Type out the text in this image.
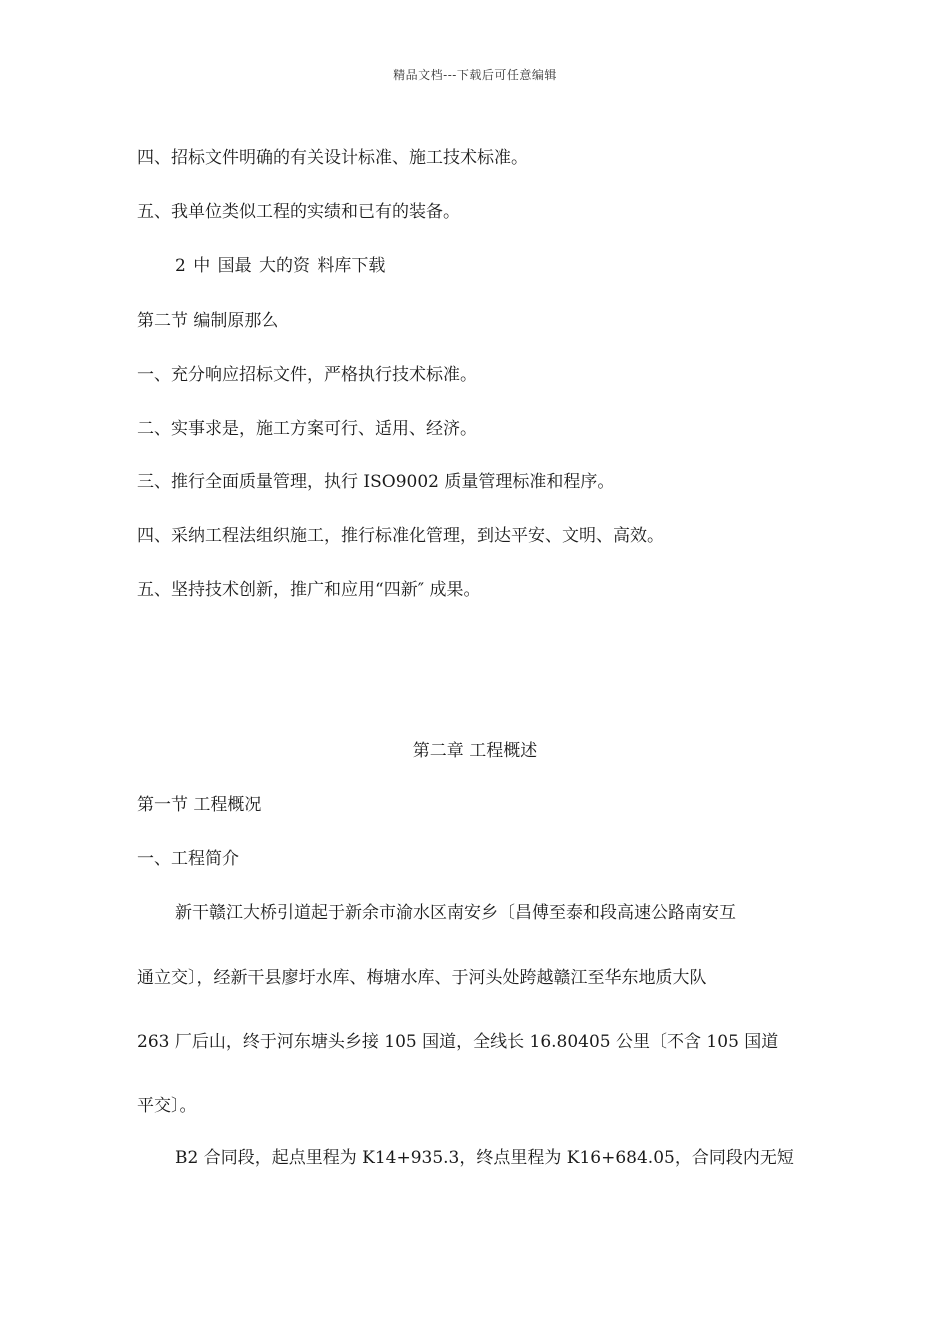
精品文档---下载后可任意编辑
四、招标文件明确的有关设计标准、施工技术标准。
五、我单位类似工程的实绩和已有的装备。
2 中 国最 大的资 料库下载
第二节 编制原那么
一、充分响应招标文件，严格执行技术标准。
二、实事求是，施工方案可行、适用、经济。
三、推行全面质量管理，执行 ISO9002 质量管理标准和程序。
四、采纳工程法组织施工，推行标准化管理，到达平安、文明、高效。
五、坚持技术创新，推广和应用“四新″ 成果。
第二章 工程概述
第一节 工程概况
一、工程简介
新干赣江大桥引道起于新余市渝水区南安乡〔昌傅至泰和段高速公路南安互
通立交〕，经新干县廖圩水库、梅塘水库、于河头处跨越赣江至华东地质大队
263 厂后山，终于河东塘头乡接 105 国道，全线长 16.80405 公里〔不含 105 国道
平交〕。
B2 合同段，起点里程为 K14+935.3，终点里程为 K16+684.05，合同段内无短
